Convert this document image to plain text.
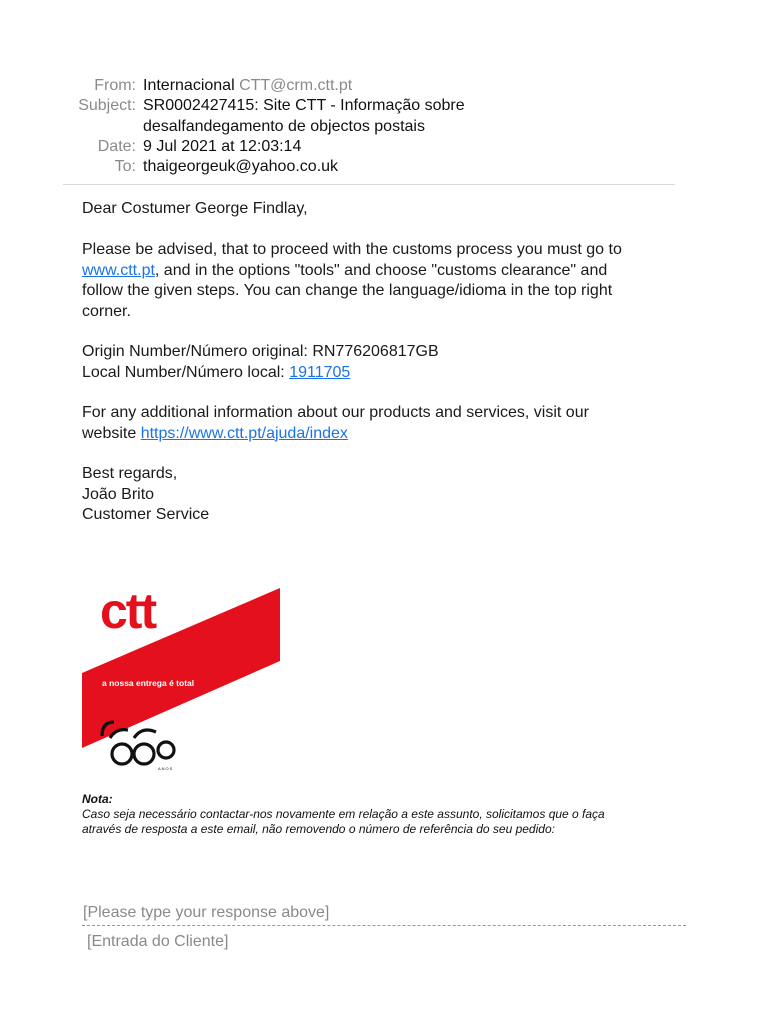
From: Internacional CTT@crm.ctt.pt
Subject: SR0002427415: Site CTT - Informação sobre
desalfandegamento de objectos postais
Date: 9 Jul 2021 at 12:03:14
To: thaigeorgeuk@yahoo.co.uk
Dear Costumer George Findlay,
Please be advised, that to proceed with the customs process you must go to
www.ctt.pt, and in the options "tools" and choose "customs clearance" and
follow the given steps. You can change the language/idioma in the top right
corner.
Origin Number/Número original: RN776206817GB
Local Number/Número local: 1911705
For any additional information about our products and services, visit our
website https://www.ctt.pt/ajuda/index
Best regards,
João Brito
Customer Service
ctt
a nossa entrega é total
ANOS
Nota:
Caso seja necessário contactar-nos novamente em relação a este assunto, solicitamos que o faça
através de resposta a este email, não removendo o número de referência do seu pedido:
[Please type your response above]
[Entrada do Cliente]
